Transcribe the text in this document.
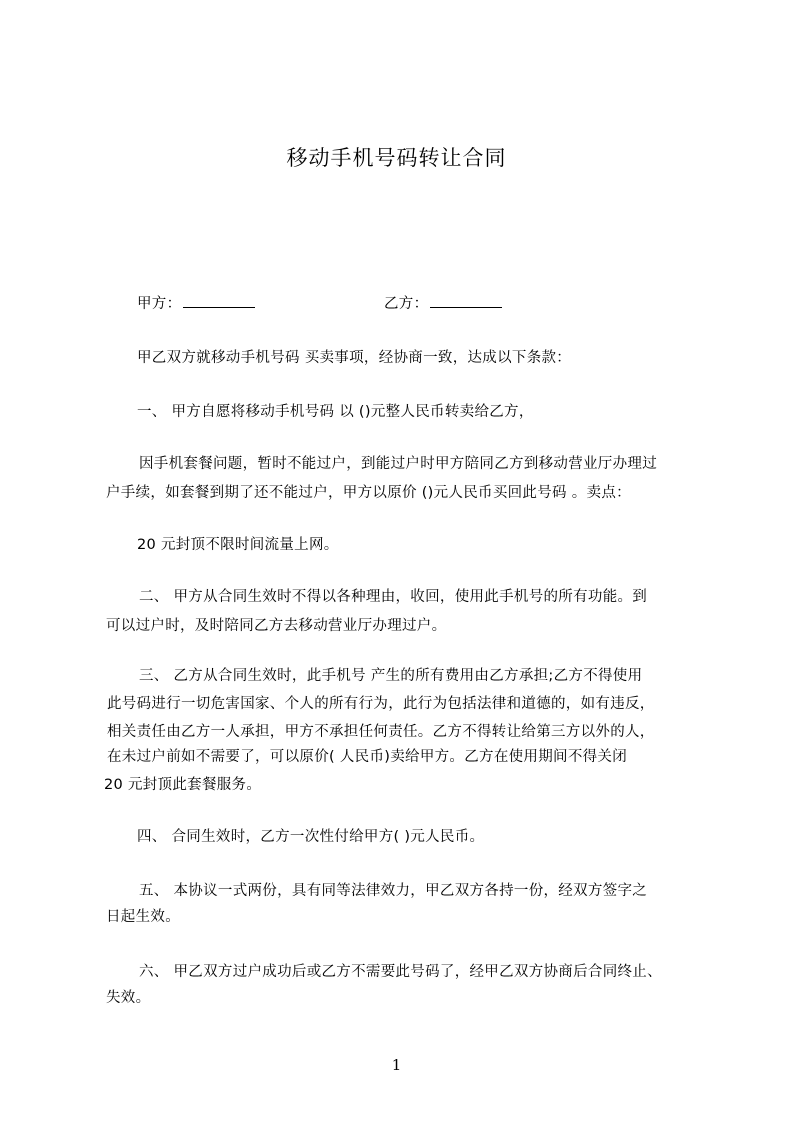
移动手机号码转让合同
甲方：	乙方：
甲乙双方就移动手机号码 买卖事项，经协商一致，达成以下条款：
一、 甲方自愿将移动手机号码 以 ()元整人民币转卖给乙方，
因手机套餐问题，暂时不能过户，到能过户时甲方陪同乙方到移动营业厅办理过
户手续，如套餐到期了还不能过户，甲方以原价 ()元人民币买回此号码 。卖点：
20 元封顶不限时间流量上网。
二、 甲方从合同生效时不得以各种理由，收回，使用此手机号的所有功能。到
可以过户时，及时陪同乙方去移动营业厅办理过户。
三、 乙方从合同生效时，此手机号 产生的所有费用由乙方承担;乙方不得使用
此号码进行一切危害国家、个人的所有行为，此行为包括法律和道德的，如有违反，
相关责任由乙方一人承担，甲方不承担任何责任。乙方不得转让给第三方以外的人，
在未过户前如不需要了，可以原价( 人民币)卖给甲方。乙方在使用期间不得关闭
20 元封顶此套餐服务。
四、 合同生效时，乙方一次性付给甲方( )元人民币。
五、 本协议一式两份，具有同等法律效力，甲乙双方各持一份，经双方签字之
日起生效。
六、 甲乙双方过户成功后或乙方不需要此号码了，经甲乙双方协商后合同终止、
失效。
1
